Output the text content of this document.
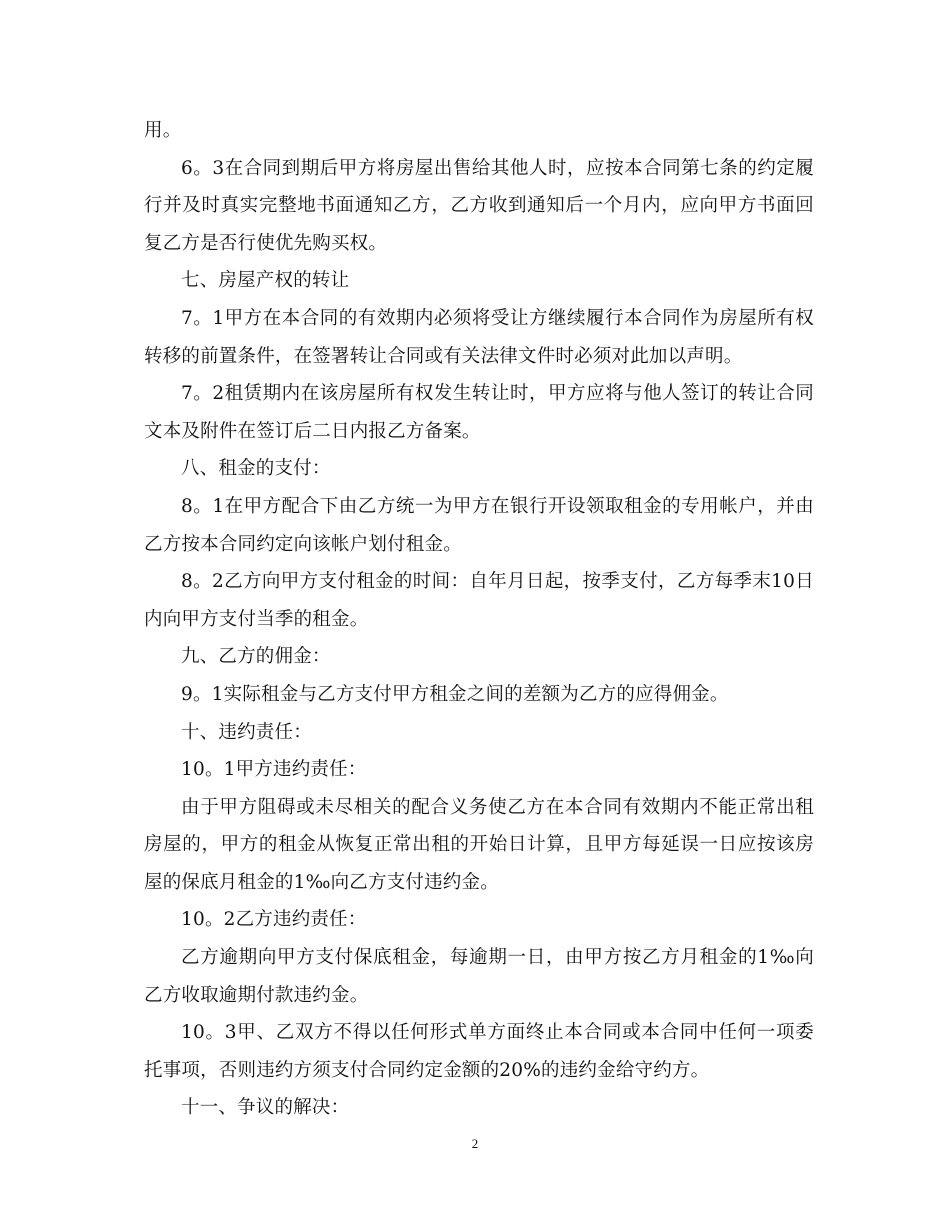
用。

6。3在合同到期后甲方将房屋出售给其他人时，应按本合同第七条的约定履行并及时真实完整地书面通知乙方，乙方收到通知后一个月内，应向甲方书面回复乙方是否行使优先购买权。

七、房屋产权的转让

7。1甲方在本合同的有效期内必须将受让方继续履行本合同作为房屋所有权转移的前置条件，在签署转让合同或有关法律文件时必须对此加以声明。

7。2租赁期内在该房屋所有权发生转让时，甲方应将与他人签订的转让合同文本及附件在签订后二日内报乙方备案。

八、租金的支付：

8。1在甲方配合下由乙方统一为甲方在银行开设领取租金的专用帐户，并由乙方按本合同约定向该帐户划付租金。

8。2乙方向甲方支付租金的时间：自年月日起，按季支付，乙方每季末10日内向甲方支付当季的租金。

九、乙方的佣金：

9。1实际租金与乙方支付甲方租金之间的差额为乙方的应得佣金。

十、违约责任：

10。1甲方违约责任：

由于甲方阻碍或未尽相关的配合义务使乙方在本合同有效期内不能正常出租房屋的，甲方的租金从恢复正常出租的开始日计算，且甲方每延误一日应按该房屋的保底月租金的1‰向乙方支付违约金。

10。2乙方违约责任：

乙方逾期向甲方支付保底租金，每逾期一日，由甲方按乙方月租金的1‰向乙方收取逾期付款违约金。

10。3甲、乙双方不得以任何形式单方面终止本合同或本合同中任何一项委托事项，否则违约方须支付合同约定金额的20%的违约金给守约方。

十一、争议的解决：

2
